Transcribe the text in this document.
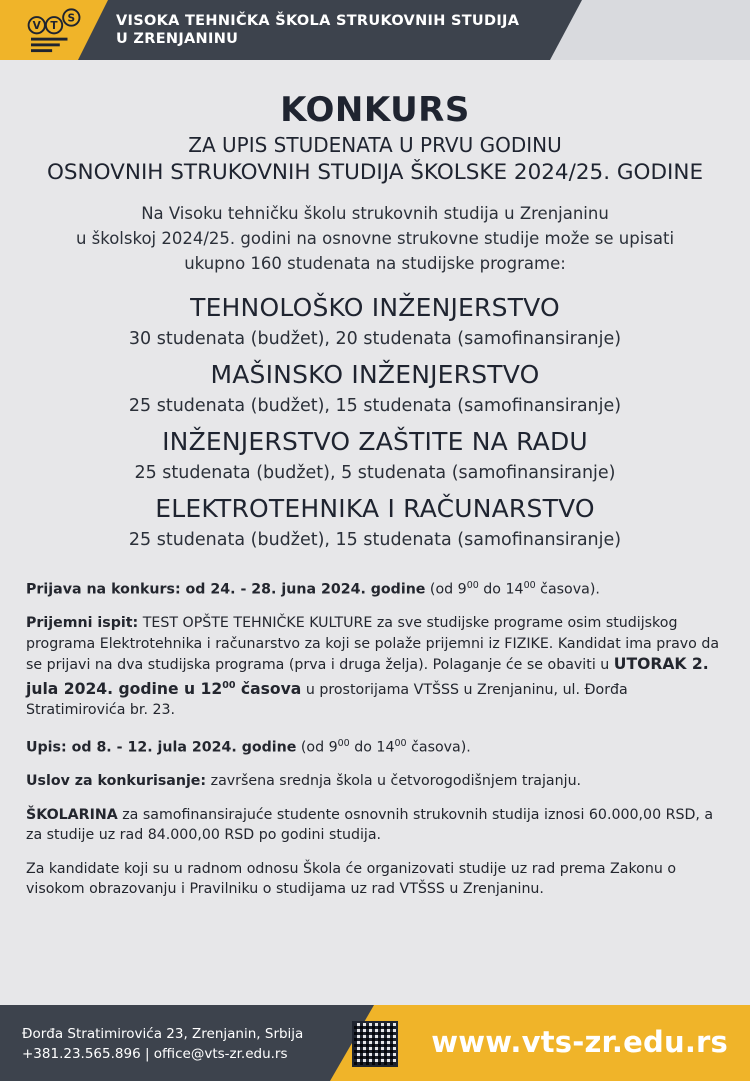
V T
S	VISOKA TEHNIČKA ŠKOLA STRUKOVNIH STUDIJA
U ZRENJANINU
KONKURS
ZA UPIS STUDENATA U PRVU GODINU
OSNOVNIH STRUKOVNIH STUDIJA ŠKOLSKE 2024/25. GODINE
Na Visoku tehničku školu strukovnih studija u Zrenjaninu
u školskoj 2024/25. godini na osnovne strukovne studije može se upisati
ukupno 160 studenata na studijske programe:
TEHNOLOŠKO INŽENJERSTVO
30 studenata (budžet), 20 studenata (samofinansiranje)
MAŠINSKO INŽENJERSTVO
25 studenata (budžet), 15 studenata (samofinansiranje)
INŽENJERSTVO ZAŠTITE NA RADU
25 studenata (budžet), 5 studenata (samofinansiranje)
ELEKTROTEHNIKA I RAČUNARSTVO
25 studenata (budžet), 15 studenata (samofinansiranje)
Prijava na konkurs: od 24. - 28. juna 2024. godine (od $9^{00}$ do $14^{00}$ časova).
Prijemni ispit: TEST OPŠTE TEHNIČKE KULTURE za sve studijske programe osim studijskog programa Elektrotehnika i računarstvo za koji se polaže prijemni iz FIZIKE. Kandidat ima pravo da se prijavi na dva studijska programa (prva i druga želja). Polaganje će se obaviti u UTORAK 2. jula 2024. godine u $12^{00}$ časova u prostorijama VTŠSS u Zrenjaninu, ul. Đorđa Stratimirovića br. 23.
Upis: od 8. - 12. jula 2024. godine (od $9^{00}$ do $14^{00}$ časova).
Uslov za konkurisanje: završena srednja škola u četvorogodišnjem trajanju.
ŠKOLARINA za samofinansirajuće studente osnovnih strukovnih studija iznosi 60.000,00 RSD, a za studije uz rad 84.000,00 RSD po godini studija.
Za kandidate koji su u radnom odnosu Škola će organizovati studije uz rad prema Zakonu o visokom obrazovanju i Pravilniku o studijama uz rad VTŠSS u Zrenjaninu.
Đorđa Stratimirovića 23, Zrenjanin, Srbija
+381.23.565.896 | office@vts-zr.edu.rs	www.vts-zr.edu.rs
